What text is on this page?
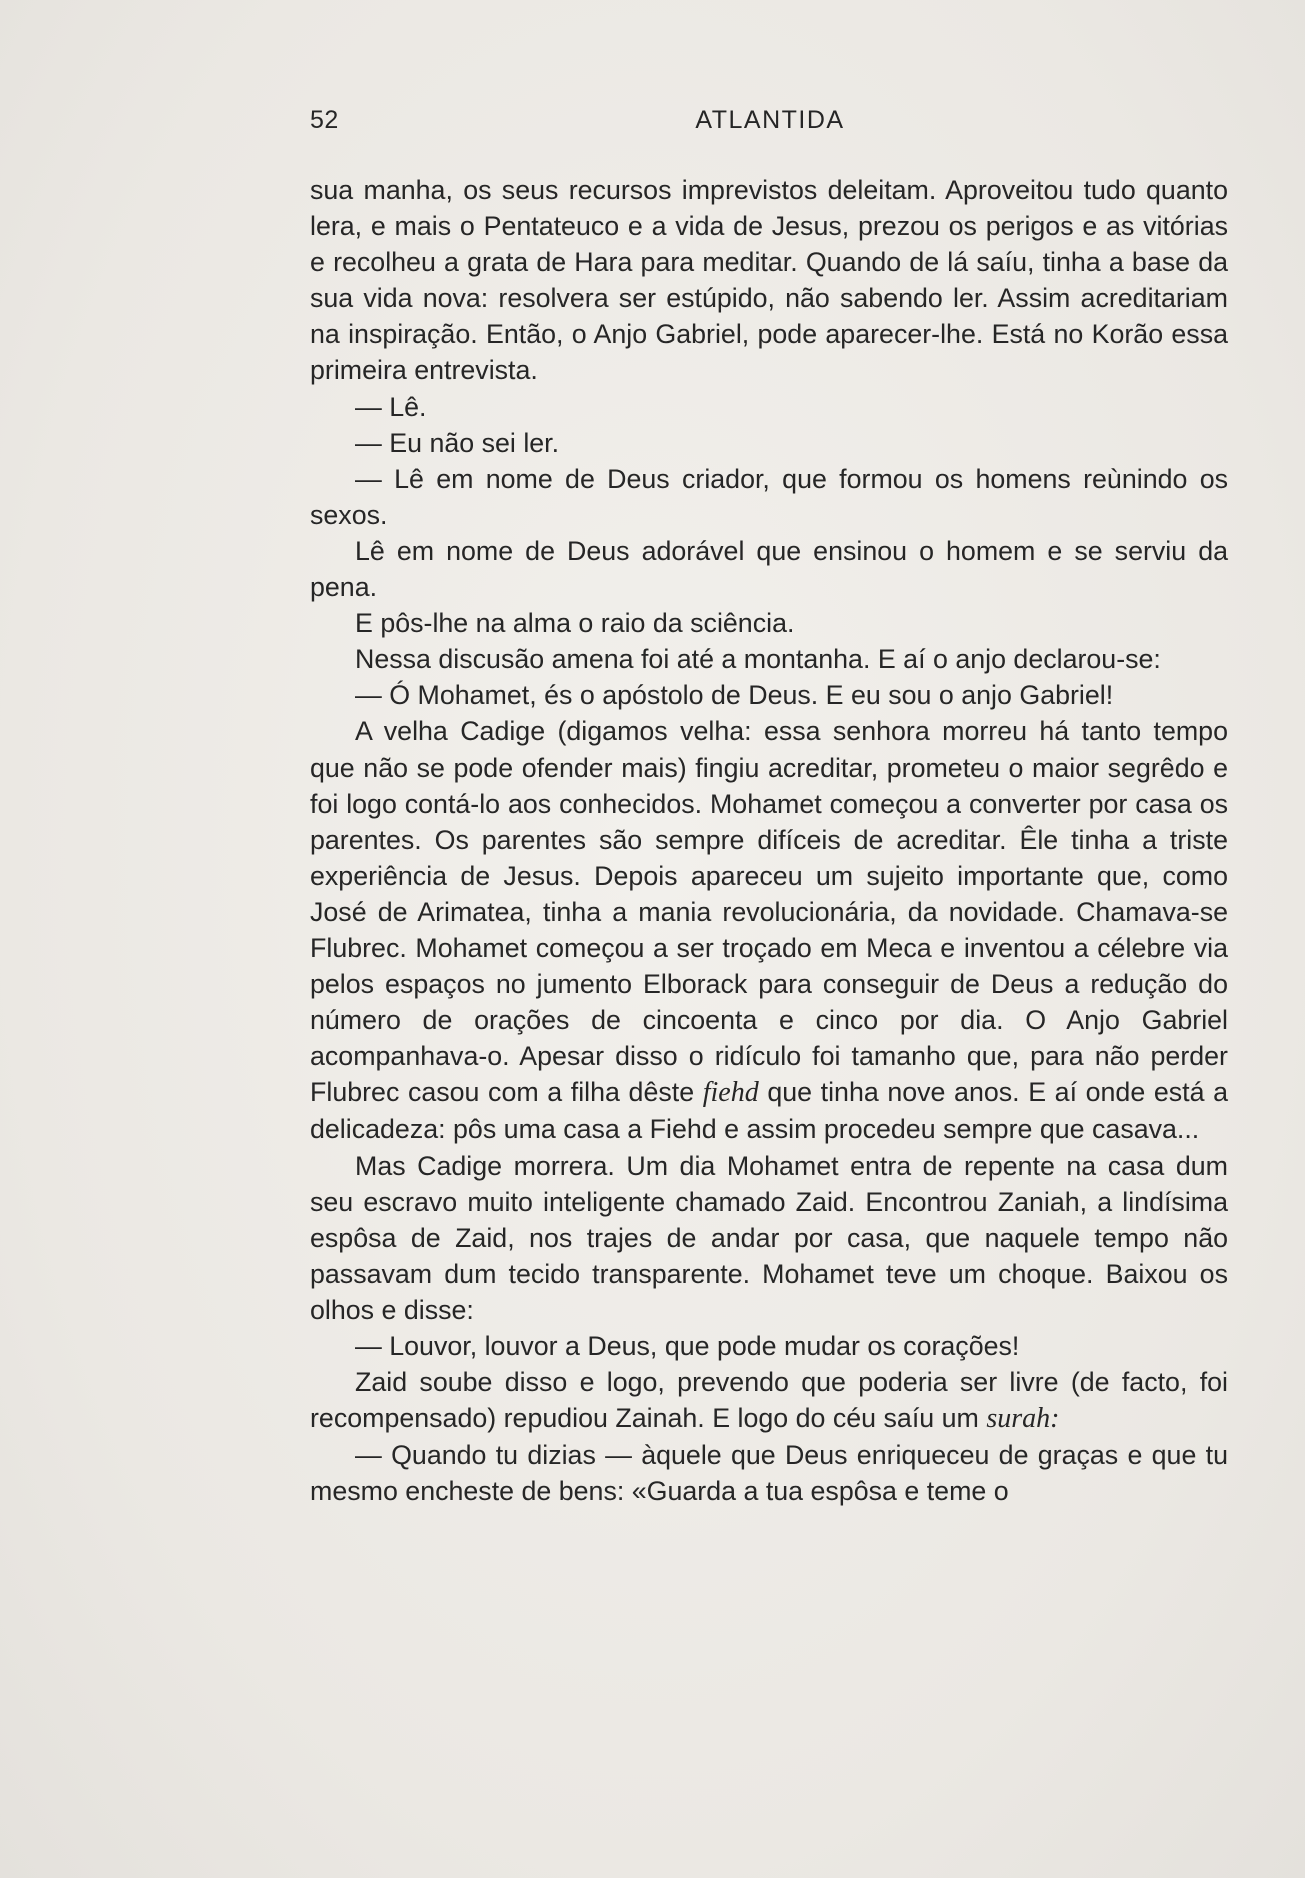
52	ATLANTIDA

sua manha, os seus recursos imprevistos deleitam. Aproveitou tudo quanto lera, e mais o Pentateuco e a vida de Jesus, prezou os perigos e as vitórias e recolheu a grata de Hara para meditar. Quando de lá saíu, tinha a base da sua vida nova: resolvera ser estúpido, não sabendo ler. Assim acreditariam na inspiração. Então, o Anjo Gabriel, pode aparecer-lhe. Está no Korão essa primeira entrevista.

— Lê.

— Eu não sei ler.

— Lê em nome de Deus criador, que formou os homens reùnindo os sexos.

Lê em nome de Deus adorável que ensinou o homem e se serviu da pena.

E pôs-lhe na alma o raio da sciência.

Nessa discusão amena foi até a montanha. E aí o anjo declarou-se:

— Ó Mohamet, és o apóstolo de Deus. E eu sou o anjo Gabriel!

A velha Cadige (digamos velha: essa senhora morreu há tanto tempo que não se pode ofender mais) fingiu acreditar, prometeu o maior segrêdo e foi logo contá-lo aos conhecidos. Mohamet começou a converter por casa os parentes. Os parentes são sempre difíceis de acreditar. Êle tinha a triste experiência de Jesus. Depois apareceu um sujeito importante que, como José de Arimatea, tinha a mania revolucionária, da novidade. Chamava-se Flubrec. Mohamet começou a ser troçado em Meca e inventou a célebre via pelos espaços no jumento Elborack para conseguir de Deus a redução do número de orações de cincoenta e cinco por dia. O Anjo Gabriel acompanhava-o. Apesar disso o ridículo foi tamanho que, para não perder Flubrec casou com a filha dêste fiehd que tinha nove anos. E aí onde está a delicadeza: pôs uma casa a Fiehd e assim procedeu sempre que casava...

Mas Cadige morrera. Um dia Mohamet entra de repente na casa dum seu escravo muito inteligente chamado Zaid. Encontrou Zaniah, a lindísima espôsa de Zaid, nos trajes de andar por casa, que naquele tempo não passavam dum tecido transparente. Mohamet teve um choque. Baixou os olhos e disse:

— Louvor, louvor a Deus, que pode mudar os corações!

Zaid soube disso e logo, prevendo que poderia ser livre (de facto, foi recompensado) repudiou Zainah. E logo do céu saíu um surah:

— Quando tu dizias — àquele que Deus enriqueceu de graças e que tu mesmo encheste de bens: «Guarda a tua espôsa e teme o
